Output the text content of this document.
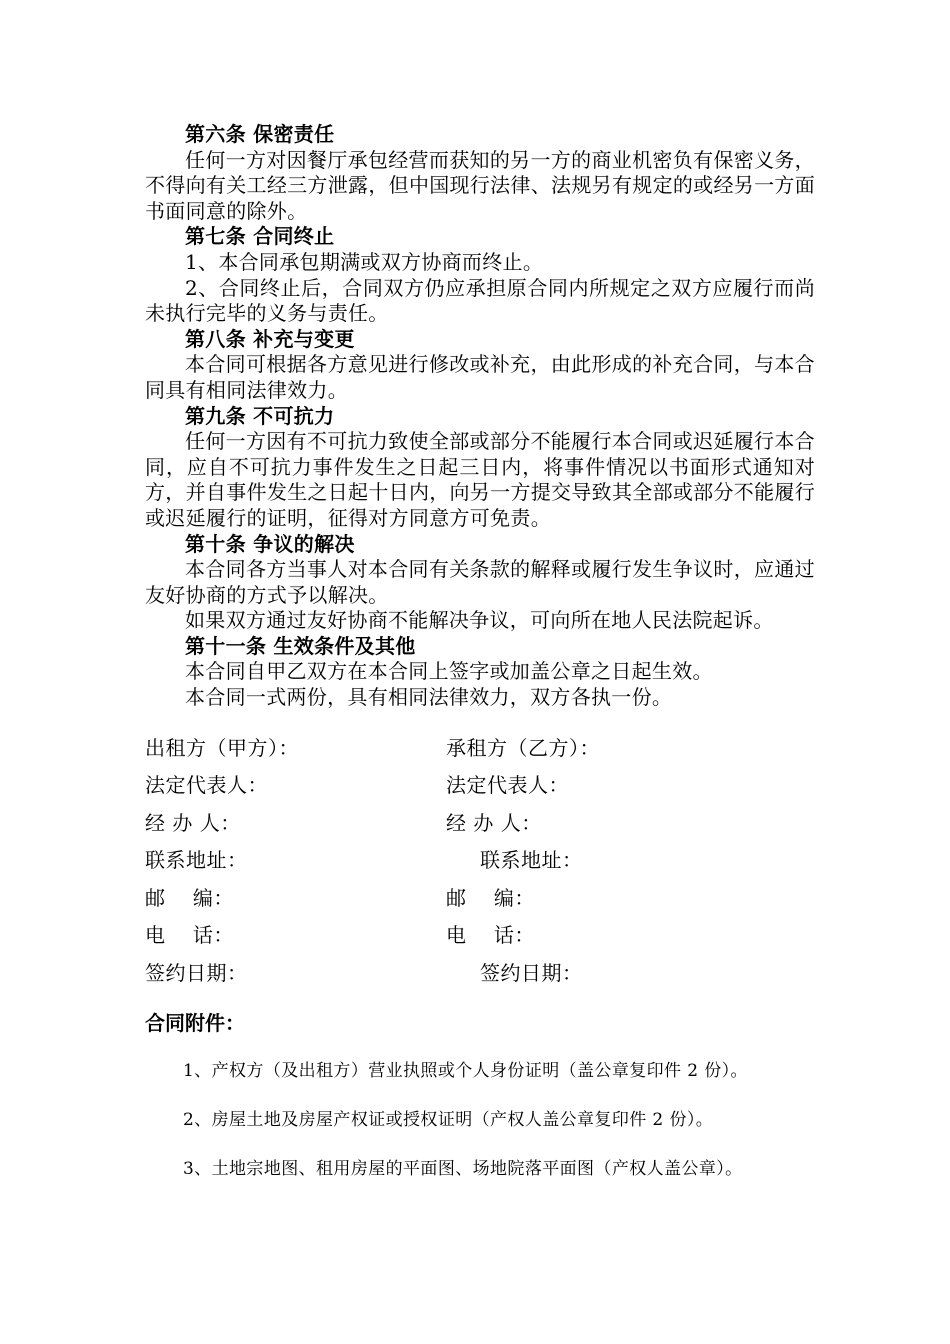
第六条 保密责任

任何一方对因餐厅承包经营而获知的另一方的商业机密负有保密义务，不得向有关工经三方泄露，但中国现行法律、法规另有规定的或经另一方面书面同意的除外。

第七条 合同终止

1、本合同承包期满或双方协商而终止。

2、合同终止后，合同双方仍应承担原合同内所规定之双方应履行而尚未执行完毕的义务与责任。

第八条 补充与变更

本合同可根据各方意见进行修改或补充，由此形成的补充合同，与本合同具有相同法律效力。

第九条 不可抗力

任何一方因有不可抗力致使全部或部分不能履行本合同或迟延履行本合同，应自不可抗力事件发生之日起三日内，将事件情况以书面形式通知对方，并自事件发生之日起十日内，向另一方提交导致其全部或部分不能履行或迟延履行的证明，征得对方同意方可免责。

第十条 争议的解决

本合同各方当事人对本合同有关条款的解释或履行发生争议时，应通过友好协商的方式予以解决。

如果双方通过友好协商不能解决争议，可向所在地人民法院起诉。

第十一条 生效条件及其他

本合同自甲乙双方在本合同上签字或加盖公章之日起生效。

本合同一式两份，具有相同法律效力，双方各执一份。

出租方（甲方）：
法定代表人：
经 办 人：
联系地址：
邮    编：
电    话：
签约日期：
承租方（乙方）：
法定代表人：
经 办 人：
联系地址：
邮    编：
电    话：
签约日期：
合同附件：
1、产权方（及出租方）营业执照或个人身份证明（盖公章复印件 2 份）。
2、房屋土地及房屋产权证或授权证明（产权人盖公章复印件 2 份）。
3、土地宗地图、租用房屋的平面图、场地院落平面图（产权人盖公章）。
